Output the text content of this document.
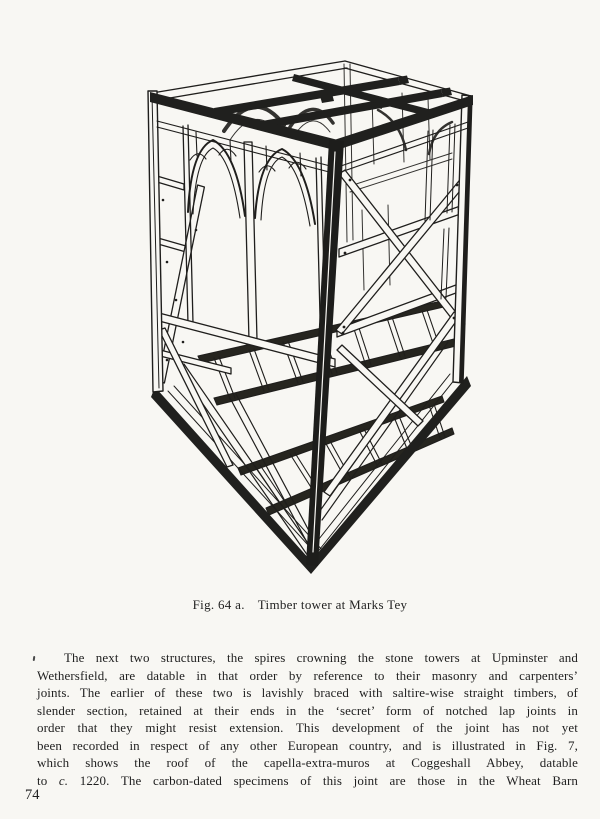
Fig. 64 a. Timber tower at Marks Tey
The next two structures, the spires crowning the stone towers at Upminster and
Wethersfield, are datable in that order by reference to their masonry and carpenters’
joints. The earlier of these two is lavishly braced with saltire-wise straight timbers, of
slender section, retained at their ends in the ‘secret’ form of notched lap joints in
order that they might resist extension. This development of the joint has not yet
been recorded in respect of any other European country, and is illustrated in Fig. 7,
which shows the roof of the capella-extra-muros at Coggeshall Abbey, datable
to c. 1220. The carbon-dated specimens of this joint are those in the Wheat Barn
74
